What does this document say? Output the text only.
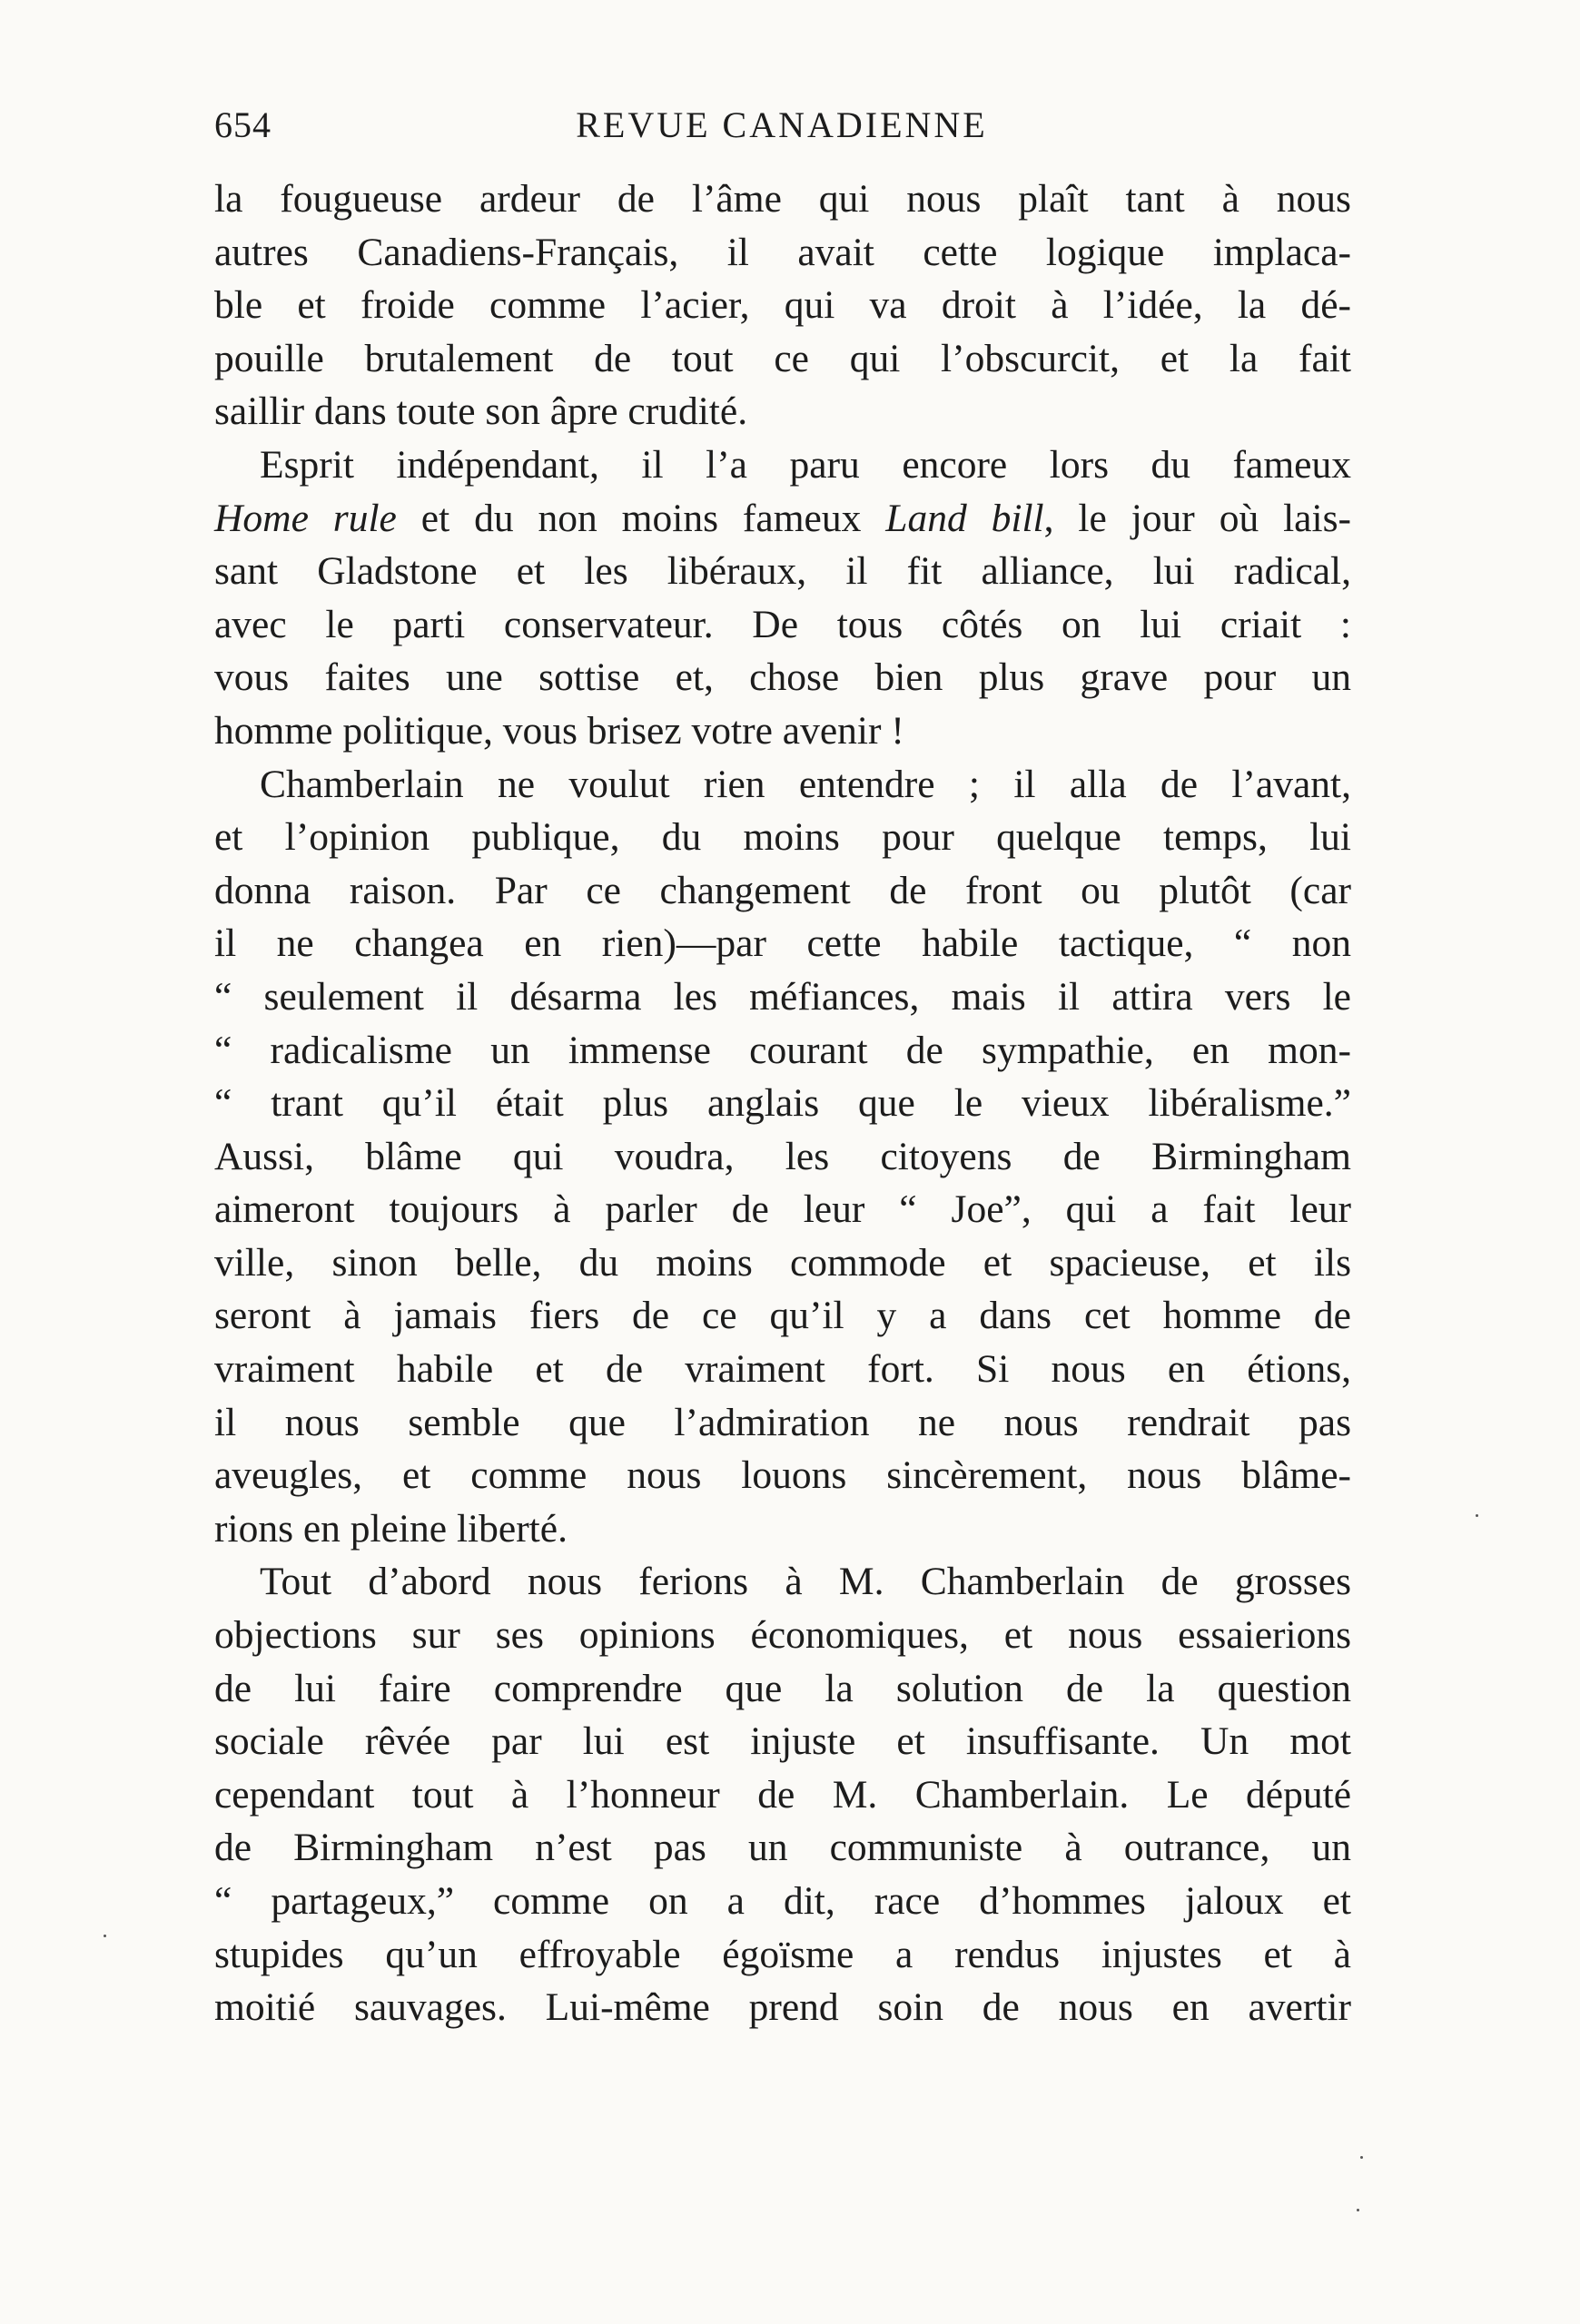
654	REVUE CANADIENNE
la fougueuse ardeur de l’âme qui nous plaît tant à nous
autres Canadiens-Français, il avait cette logique implaca-
ble et froide comme l’acier, qui va droit à l’idée, la dé-
pouille brutalement de tout ce qui l’obscurcit, et la fait
saillir dans toute son âpre crudité.
Esprit indépendant, il l’a paru encore lors du fameux
Home rule et du non moins fameux Land bill, le jour où lais-
sant Gladstone et les libéraux, il fit alliance, lui radical,
avec le parti conservateur. De tous côtés on lui criait :
vous faites une sottise et, chose bien plus grave pour un
homme politique, vous brisez votre avenir !
Chamberlain ne voulut rien entendre ; il alla de l’avant,
et l’opinion publique, du moins pour quelque temps, lui
donna raison. Par ce changement de front ou plutôt (car
il ne changea en rien)—par cette habile tactique, “ non
“ seulement il désarma les méfiances, mais il attira vers le
“ radicalisme un immense courant de sympathie, en mon-
“ trant qu’il était plus anglais que le vieux libéralisme.”
Aussi, blâme qui voudra, les citoyens de Birmingham
aimeront toujours à parler de leur “ Joe”, qui a fait leur
ville, sinon belle, du moins commode et spacieuse, et ils
seront à jamais fiers de ce qu’il y a dans cet homme de
vraiment habile et de vraiment fort. Si nous en étions,
il nous semble que l’admiration ne nous rendrait pas
aveugles, et comme nous louons sincèrement, nous blâme-
rions en pleine liberté.
Tout d’abord nous ferions à M. Chamberlain de grosses
objections sur ses opinions économiques, et nous essaierions
de lui faire comprendre que la solution de la question
sociale rêvée par lui est injuste et insuffisante. Un mot
cependant tout à l’honneur de M. Chamberlain. Le député
de Birmingham n’est pas un communiste à outrance, un
“ partageux,” comme on a dit, race d’hommes jaloux et
stupides qu’un effroyable égoïsme a rendus injustes et à
moitié sauvages. Lui-même prend soin de nous en avertir
